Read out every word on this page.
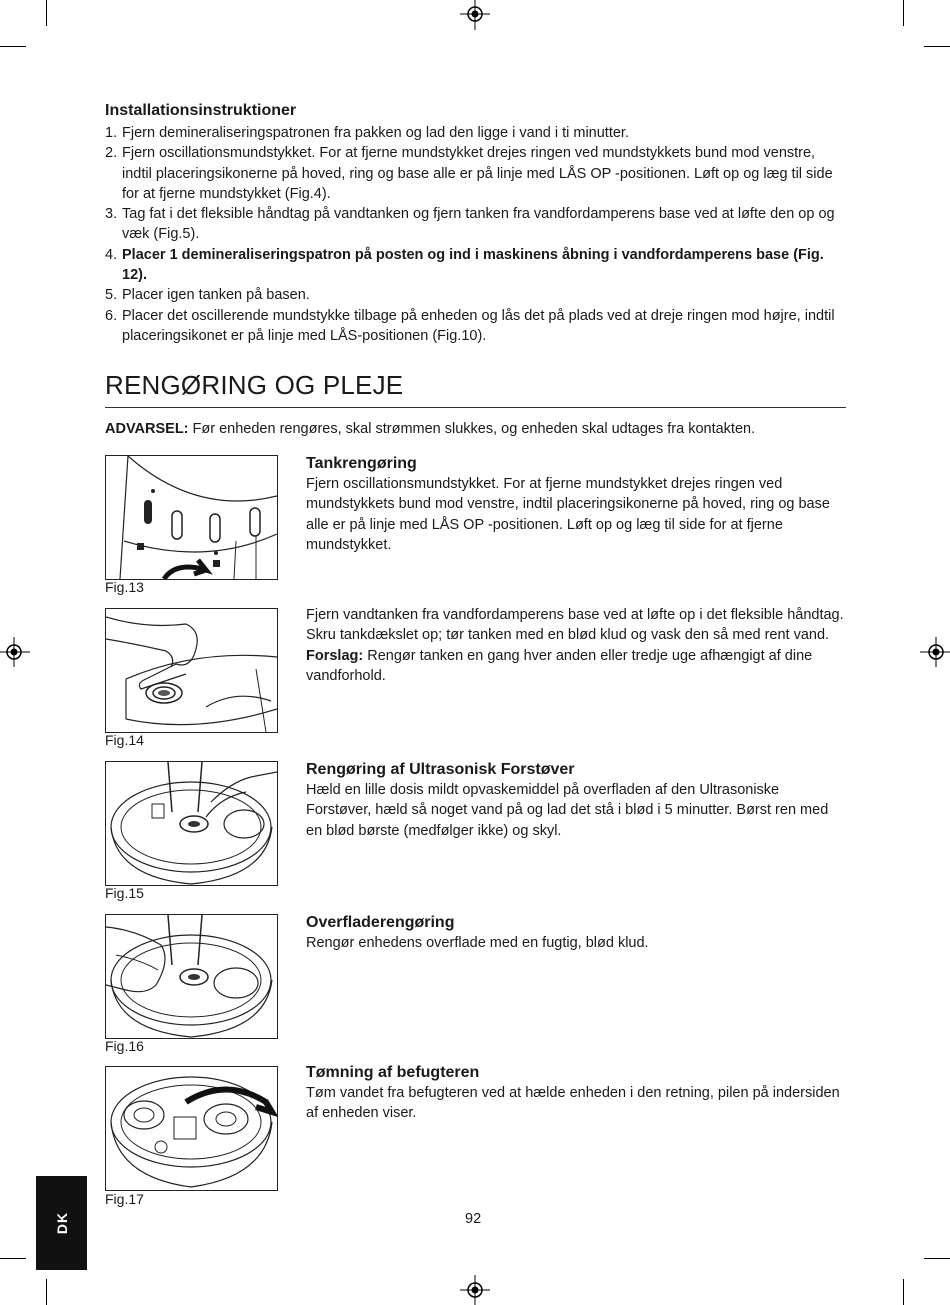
Installationsinstruktioner
1. Fjern demineraliseringspatronen fra pakken og lad den ligge i vand i ti minutter.
2. Fjern oscillationsmundstykket. For at fjerne mundstykket drejes ringen ved mundstykkets bund mod venstre, indtil placeringsikonerne på hoved, ring og base alle er på linje med LÅS OP -positionen. Løft op og læg til side for at fjerne mundstykket (Fig.4).
3. Tag fat i det fleksible håndtag på vandtanken og fjern tanken fra vandfordamperens base ved at løfte den op og væk (Fig.5).
4. Placer 1 demineraliseringspatron på posten og ind i maskinens åbning i vandfordamperens base (Fig. 12).
5. Placer igen tanken på basen.
6. Placer det oscillerende mundstykke tilbage på enheden og lås det på plads ved at dreje ringen mod højre, indtil placeringsikonet er på linje med LÅS-positionen (Fig.10).
RENGØRING OG PLEJE
ADVARSEL: Før enheden rengøres, skal strømmen slukkes, og enheden skal udtages fra kontakten.
Fig.13
Tankrengøring

Fjern oscillationsmundstykket. For at fjerne mundstykket drejes ringen ved mundstykkets bund mod venstre, indtil placeringsikonerne på hoved, ring og base alle er på linje med LÅS OP -positionen. Løft op og læg til side for at fjerne mundstykket.

Fig.14

Fjern vandtanken fra vandfordamperens base ved at løfte op i det fleksible håndtag. Skru tankdækslet op; tør tanken med en blød klud og vask den så med rent vand.

Forslag: Rengør tanken en gang hver anden eller tredje uge afhængigt af dine vandforhold.

Fig.15
Rengøring af Ultrasonisk Forstøver

Hæld en lille dosis mildt opvaskemiddel på overfladen af den Ultrasoniske Forstøver, hæld så noget vand på og lad det stå i blød i 5 minutter. Børst ren med en blød børste (medfølger ikke) og skyl.

Fig.16
Overfladerengøring

Rengør enhedens overflade med en fugtig, blød klud.

Fig.17
Tømning af befugteren

Tøm vandet fra befugteren ved at hælde enheden i den retning, pilen på indersiden af enheden viser.

DK	92
